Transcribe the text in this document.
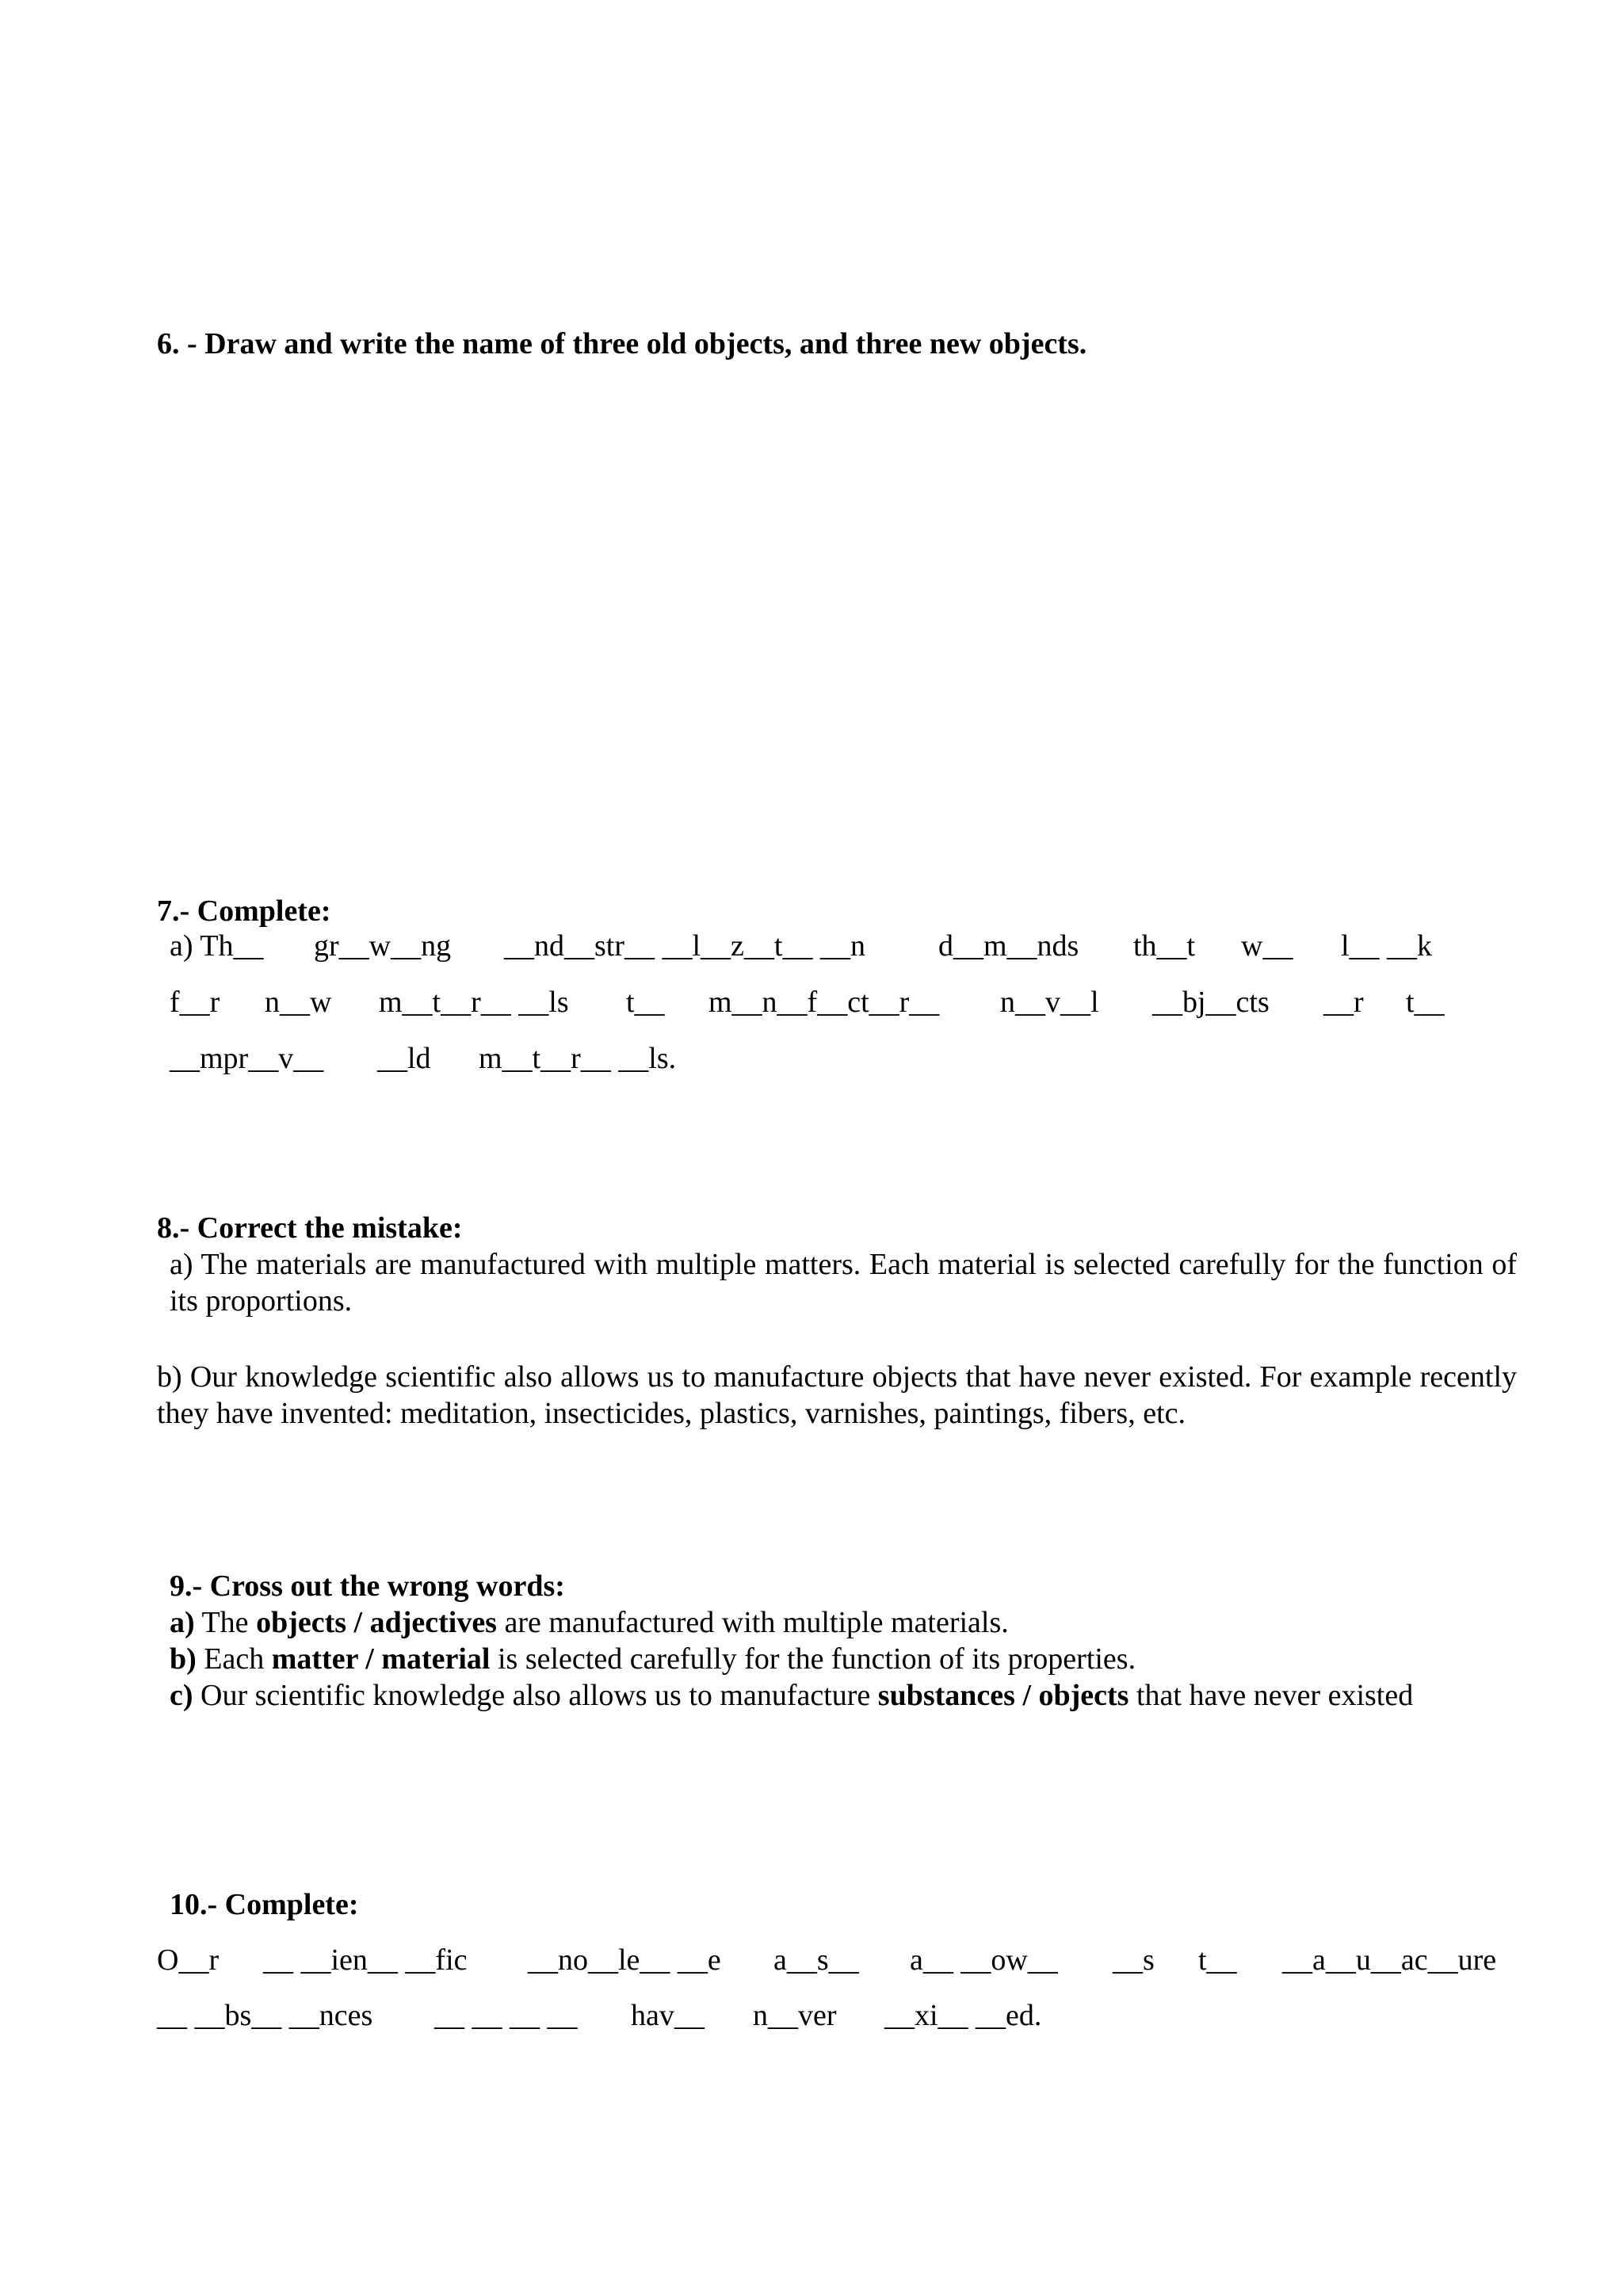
6. - Draw and write the name of three old objects, and three new objects.
7.- Complete:
a) Th__	gr__w__ng	__nd__str__ __l__z__t__ __n	d__m__nds	th__t	w__	l__ __k
f__r	n__w	m__t__r__ __ls	t__	m__n__f__ct__r__	n__v__l	__bj__cts	__r	t__
__mpr__v__	__ld	m__t__r__ __ls.
8.- Correct the mistake:
a) The materials are manufactured with multiple matters. Each material is selected carefully for the function of its proportions.
b) Our knowledge scientific also allows us to manufacture objects that have never existed. For example recently they have invented: meditation, insecticides, plastics, varnishes, paintings, fibers, etc.
9.- Cross out the wrong words:
a) The objects / adjectives are manufactured with multiple materials.
b) Each matter / material is selected carefully for the function of its properties.
c) Our scientific knowledge also allows us to manufacture substances / objects that have never existed
10.- Complete:
O__r	__ __ien__ __fic	__no__le__ __e	a__s__	a__ __ow__	__s	t__	__a__u__ac__ure
__ __bs__ __nces	__ __ __ __	hav__	n__ver	__xi__ __ed.
